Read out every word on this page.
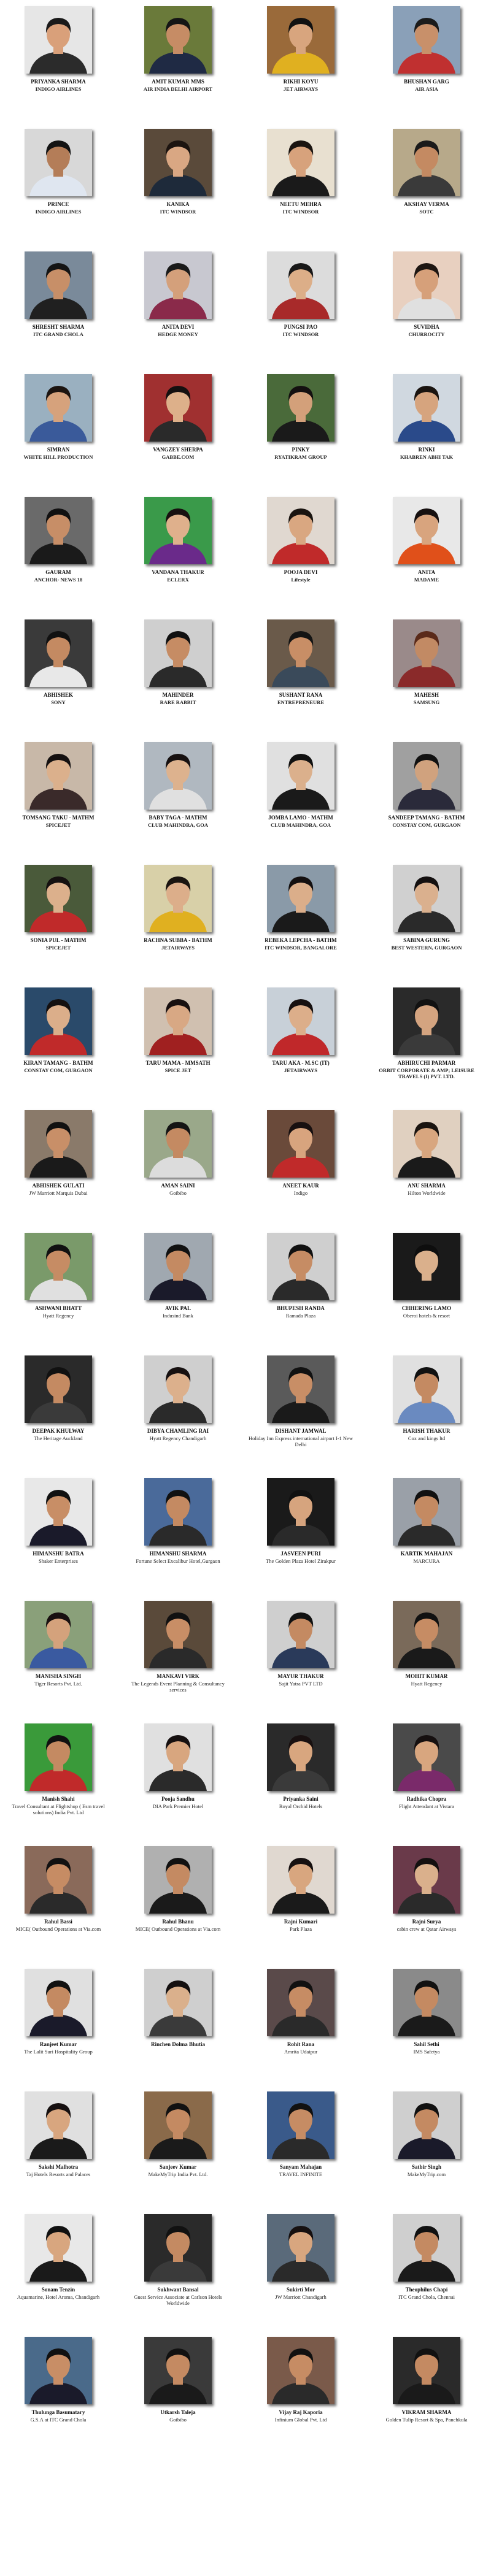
PRIYANKA SHARMA
INDIGO AIRLINES
AMIT KUMAR MMS
AIR INDIA DELHI AIRPORT
RIKHI KOYU
JET AIRWAYS
BHUSHAN GARG
AIR ASIA
PRINCE
INDIGO AIRLINES
KANIKA
ITC WINDSOR
NEETU MEHRA
ITC WINDSOR
AKSHAY VERMA
SOTC
SHRESHT SHARMA
ITC GRAND CHOLA
ANITA DEVI
HEDGE MONEY
PUNGSI PAO
ITC WINDSOR
SUVIDHA
CHURROCITY
SIMRAN
WHITE HILL PRODUCTION
VANGZEY SHERPA
GABBE.COM
PINKY
RYATIKRAM GROUP
RINKI
KHABREN ABHI TAK
GAURAM
ANCHOR- NEWS 18
VANDANA THAKUR
ECLERX
POOJA DEVI
Lifestyle
ANITA
MADAME
ABHISHEK
SONY
MAHINDER
RARE RABBIT
SUSHANT RANA
ENTREPRENEURE
MAHESH
SAMSUNG
TOMSANG TAKU - MATHM
SPICEJET
BABY TAGA - MATHM
CLUB MAHINDRA, GOA
JOMBA LAMO - MATHM
CLUB MAHINDRA, GOA
SANDEEP TAMANG - BATHM
CONSTAY COM, GURGAON
SONIA PUL - MATHM
SPICEJET
RACHNA SUBBA - BATHM
JETAIRWAYS
REBEKA LEPCHA - BATHM
ITC WINDSOR, BANGALORE
SABINA GURUNG
BEST WESTERN, GURGAON
KIRAN TAMANG - BATHM
CONSTAY COM, GURGAON
TARU MAMA - MMSATH
SPICE JET
TARU AKA - M.SC (IT)
JETAIRWAYS
ABHIRUCHI PARMAR
ORBIT CORPORATE & AMP; LEISURE TRAVELS (I) PVT. LTD.
ABHISHEK GULATI
JW Marriott Marquis Dubai
AMAN SAINI
Goibibo
ANEET KAUR
Indigo
ANU SHARMA
Hilton Worldwide
ASHWANI BHATT
Hyatt Regency
AVIK PAL
Indusind Bank
BHUPESH RANDA
Ramada Plaza
CHHERING LAMO
Oberoi hotels & resort
DEEPAK KHULWAY
The Heritage Auckland
DIBYA CHAMLING RAI
Hyatt Regency Chandigarh
DISHANT JAMWAL
Holiday Inn Express international airport I-1 New Delhi
HARISH THAKUR
Cox and kings ltd
HIMANSHU BATRA
Shaker Enterprises
HIMANSHU SHARMA
Fortune Select Excalibur Hotel,Gurgaon
JASVEEN PURI
The Golden Plaza Hotel Zirakpur
KARTIK MAHAJAN
MARCURA
MANISHA SINGH
Tiger Resorts Pvt. Ltd.
MANKAVI VIRK
The Legends Event Planning & Consultancy services
MAYUR THAKUR
Sajit Yatra PVT LTD
MOHIT KUMAR
Hyatt Regency
Manish Shahi
Travel Consultant at Flightshop ( Esm travel solutions) India Pvt. Ltd
Pooja Sandhu
DIA Park Premier Hotel
Priyanka Saini
Royal Orchid Hotels
Radhika Chopra
Flight Attendant at Vistara
Rahul Bassi
MICE( Outbound Operations at Via.com
Rahul Bhanu
MICE( Outbound Operations at Via.com
Rajni Kumari
Park Plaza
Rajni Surya
cabin crew at Qatar Airways
Ranjeet Kumar
The Lalit Suri Hospitality Group
Rinchen Dolma Bhutia	Rohit Rana
Amrita Udaipur
Sahil Sethi
IMS Safetya
Sakshi Malhotra
Taj Hotels Resorts and Palaces
Sanjeev Kumar
MakeMyTrip India Pvt. Ltd.
Sanyam Mahajan
TRAVEL INFINITE
Satbir Singh
MakeMyTrip.com
Sonam Tenzin
Aquamarine, Hotel Aroma, Chandigarh
Sukhwant Bansal
Guest Service Associate at Carlson Hotels Worldwide
Sukirti Mor
JW Marriott Chandigarh
Theophilus Chapi
ITC Grand Chola, Chennai
Thulunga Basumatary
G.S.A at ITC Grand Chola
Utkarsh Taleja
Goibibo
Vijay Raj Kaporia
Infinium Global Pvt. Ltd
VIKRAM SHARMA
Golden Tulip Resort & Spa, Panchkula
